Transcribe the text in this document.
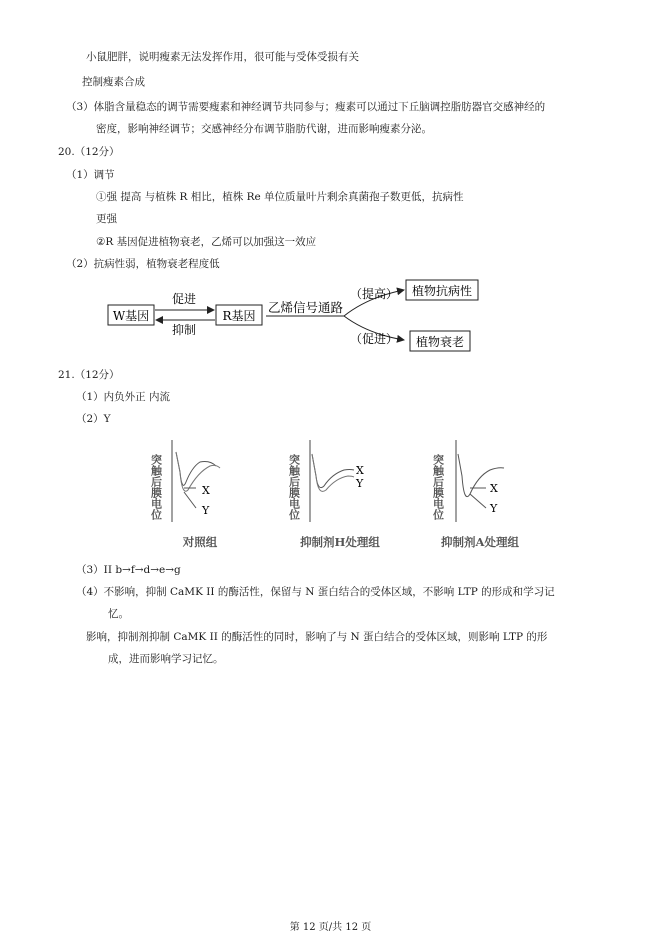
小鼠肥胖，说明瘦素无法发挥作用，很可能与受体受损有关
控制瘦素合成
（3）体脂含量稳态的调节需要瘦素和神经调节共同参与；瘦素可以通过下丘脑调控脂肪器官交感神经的
密度，影响神经调节；交感神经分布调节脂肪代谢，进而影响瘦素分泌。
20.（12分）
（1）调节
①强 提高 与植株 R 相比，植株 Re 单位质量叶片剩余真菌孢子数更低，抗病性
更强
②R 基因促进植物衰老，乙烯可以加强这一效应
（2）抗病性弱，植物衰老程度低
W基因	R基因
促进
抑制
乙烯信号通路
（提高）
（促进）
植物抗病性
植物衰老
21.（12分）
（1）内负外正 内流
（2）Y
突触后膜电位	X
Y
对照组
突触后膜电位	X
Y
抑制剂H处理组
突触后膜电位	X
Y
抑制剂A处理组
（3）II b→f→d→e→g
（4）不影响，抑制 CaMK II 的酶活性，保留与 N 蛋白结合的受体区域，不影响 LTP 的形成和学习记
忆。
影响，抑制剂抑制 CaMK II 的酶活性的同时，影响了与 N 蛋白结合的受体区域，则影响 LTP 的形
成，进而影响学习记忆。
第 12 页/共 12 页
